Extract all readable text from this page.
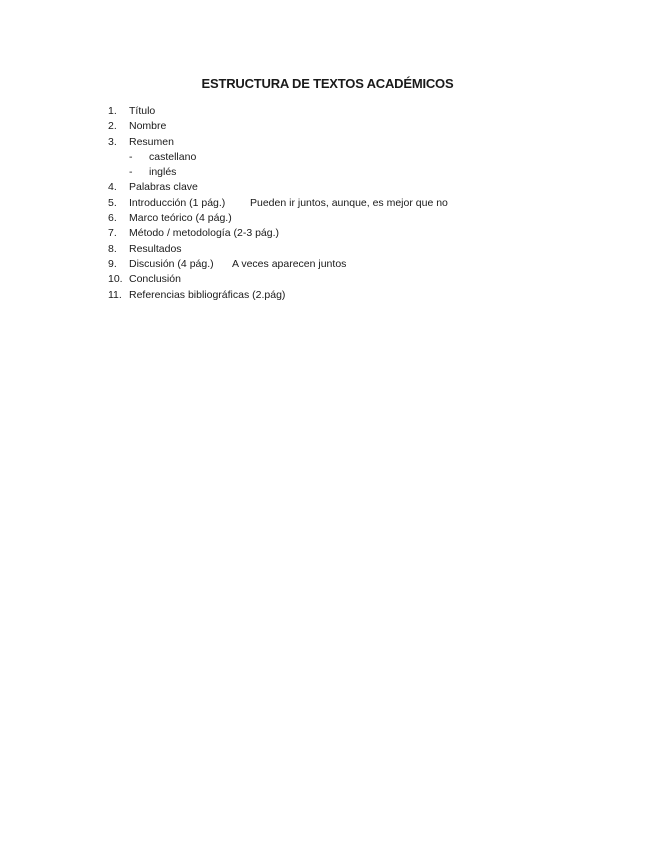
ESTRUCTURA DE TEXTOS ACADÉMICOS
1. Título
2. Nombre
3. Resumen
- castellano
- inglés
4. Palabras clave
5. Introducción (1 pág.) Pueden ir juntos, aunque, es mejor que no
6. Marco teórico (4 pág.)
7. Método / metodología (2-3 pág.)
8. Resultados
9. Discusión (4 pág.) A veces aparecen juntos
10. Conclusión
11. Referencias bibliográficas (2.pág)
